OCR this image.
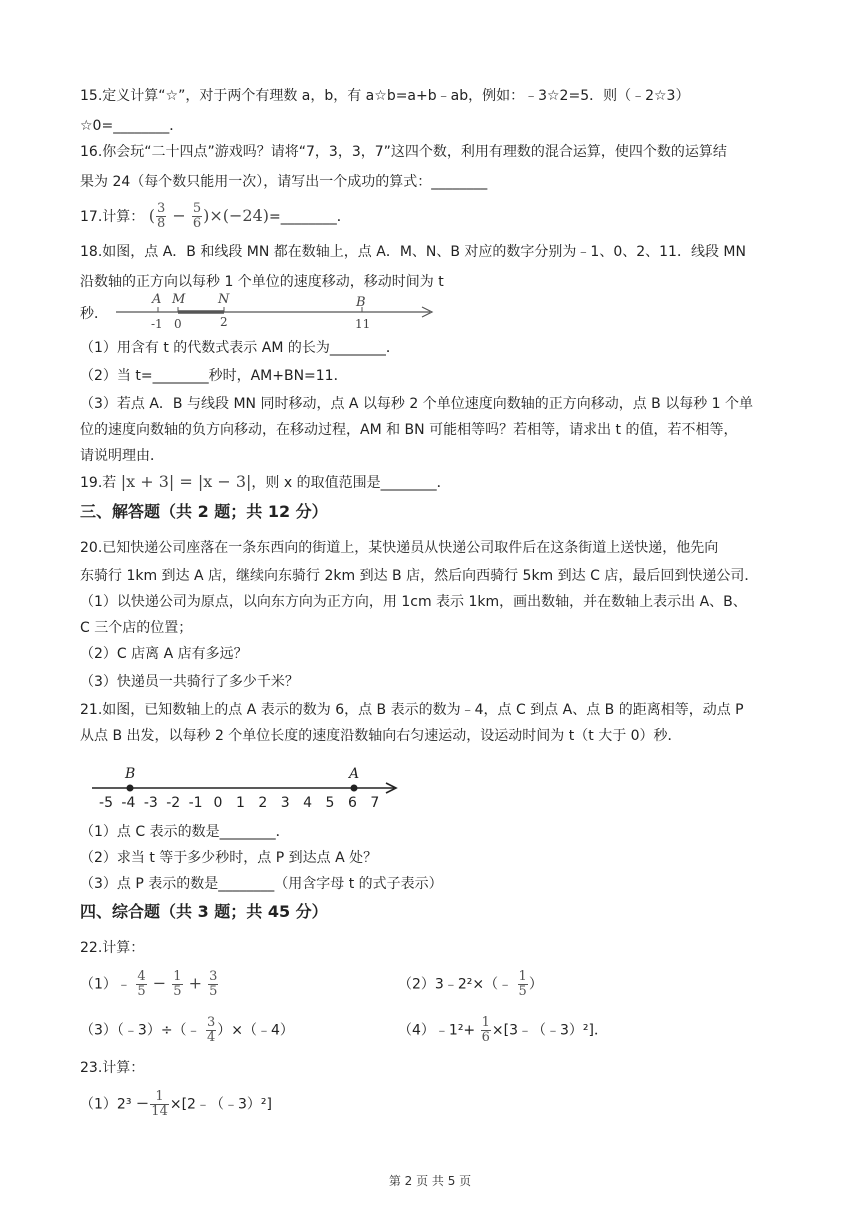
15.定义计算“☆”，对于两个有理数 a，b，有 a☆b=a+b﹣ab，例如：﹣3☆2=5．则（﹣2☆3）
☆0=________．
16.你会玩“二十四点”游戏吗？请将“7，3，3，7”这四个数，利用有理数的混合运算，使四个数的运算结
果为 24（每个数只能用一次），请写出一个成功的算式：________
17.计算： ( $\frac{3}{8} - \frac{5}{6}$ )×(−24)=________．
18.如图，点 A．B 和线段 MN 都在数轴上，点 A．M、N、B 对应的数字分别为﹣1、0、2、11．线段 MN
沿数轴的正方向以每秒 1 个单位的速度移动，移动时间为 t
秒．
A M	N	B
-1 0	2	11
（1）用含有 t 的代数式表示 AM 的长为________．
（2）当 t=________秒时，AM+BN=11．
（3）若点 A．B 与线段 MN 同时移动，点 A 以每秒 2 个单位速度向数轴的正方向移动，点 B 以每秒 1 个单
位的速度向数轴的负方向移动，在移动过程，AM 和 BN 可能相等吗？若相等，请求出 t 的值，若不相等，
请说明理由．
19.若 |x + 3| = |x − 3|，则 x 的取值范围是________．
三、解答题（共 2 题；共 12 分）
20.已知快递公司座落在一条东西向的街道上，某快递员从快递公司取件后在这条街道上送快递，他先向
东骑行 1km 到达 A 店，继续向东骑行 2km 到达 B 店，然后向西骑行 5km 到达 C 店，最后回到快递公司．
（1）以快递公司为原点，以向东方向为正方向，用 1cm 表示 1km，画出数轴，并在数轴上表示出 A、B、
C 三个店的位置；
（2）C 店离 A 店有多远？
（3）快递员一共骑行了多少千米？
21.如图，已知数轴上的点 A 表示的数为 6，点 B 表示的数为﹣4，点 C 到点 A、点 B 的距离相等，动点 P
从点 B 出发，以每秒 2 个单位长度的速度沿数轴向右匀速运动，设运动时间为 t（t 大于 0）秒．
-5 -4 -3 -2 -1 0 1 2 3 4 5 6 7
B	A
（1）点 C 表示的数是________．
（2）求当 t 等于多少秒时，点 P 到达点 A 处？
（3）点 P 表示的数是________（用含字母 t 的式子表示）
四、综合题（共 3 题；共 45 分）
22.计算：
（1）﹣ $\frac{4}{5} - \frac{1}{5} + \frac{3}{5}$	（2）3﹣2²×（﹣ $\frac{1}{5}$ ）
（3）（﹣3）÷（﹣ $\frac{3}{4}$ ）×（﹣4）	（4）﹣1²+ $\frac{1}{6}$ ×[3﹣（﹣3）²]．
23.计算：
$(1)2^3 - \frac{1}{14}$ ×[2﹣（﹣3）²]
第 2 页 共 5 页
